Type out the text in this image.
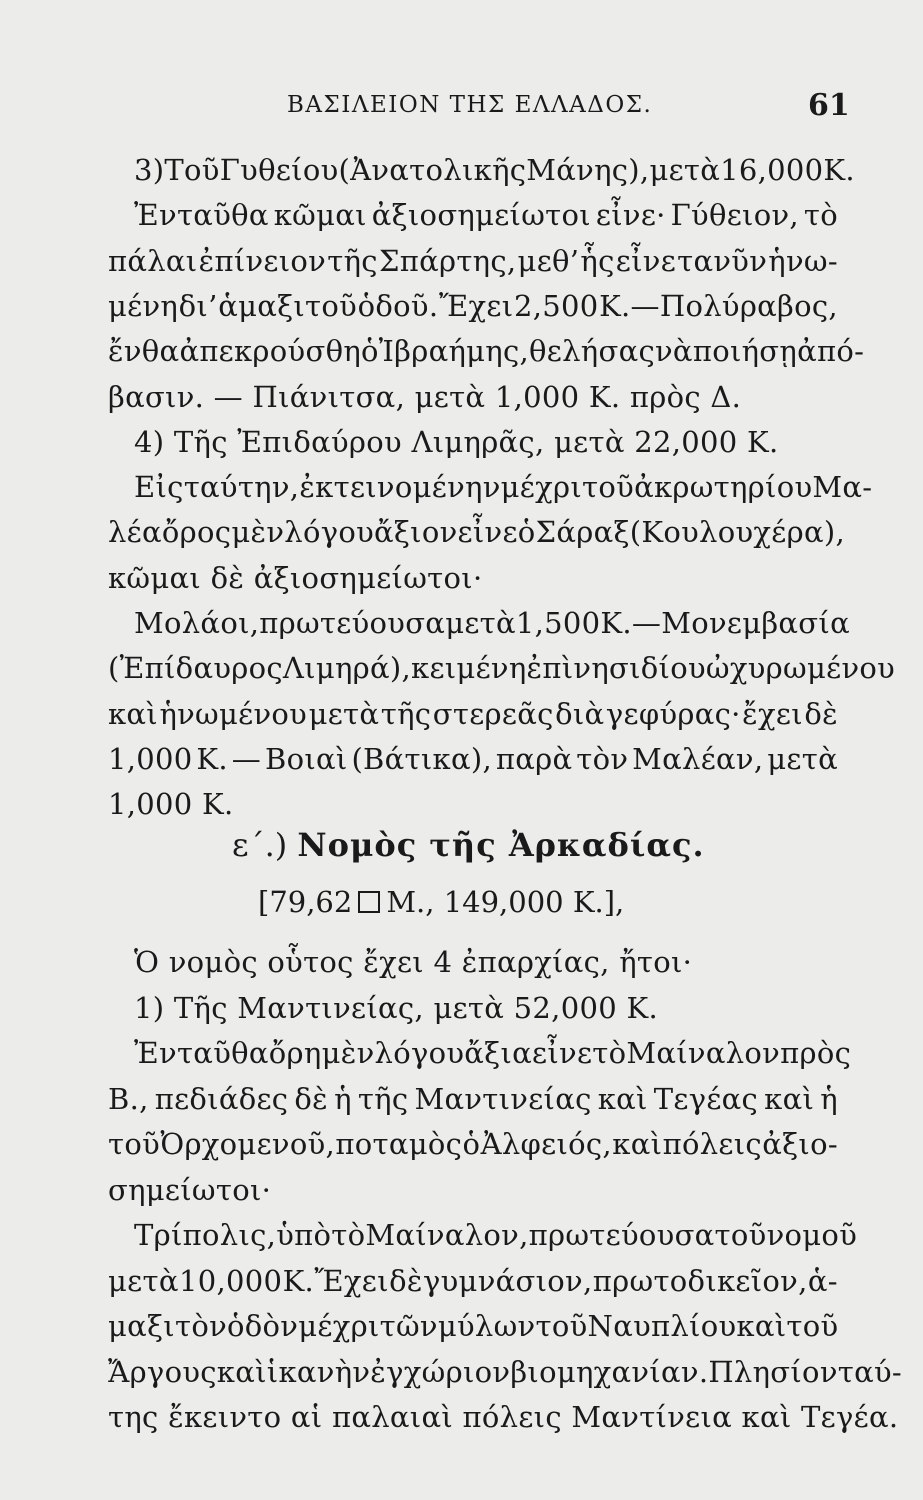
ΒΑΣΙΛΕΙΟΝ ΤΗΣ ΕΛΛΑΔΟΣ.	61
3) Τοῦ Γυθείου (Ἀνατολικῆς Μάνης), μετὰ 16,000 Κ.
Ἐνταῦθα κῶμαι ἀξιοσημείωτοι εἶνε· Γύθειον, τὸ
πάλαι ἐπίνειον τῆς Σπάρτης, μεθ’ ἧς εἶνε τανῦν ἡνω-
μένη δι’ ἁμαξιτοῦ ὁδοῦ. Ἔχει 2,500 Κ.—Πολύραβος,
ἔνθα ἀπεκρούσθη ὁ Ἰβραήμης, θελήσας νὰ ποιήσῃ ἀπό-
βασιν. — Πιάνιτσα, μετὰ 1,000 Κ. πρὸς Δ.
4) Τῆς Ἐπιδαύρου Λιμηρᾶς, μετὰ 22,000 Κ.
Εἰς ταύτην, ἐκτεινομένην μέχρι τοῦ ἀκρωτηρίου Μα-
λέα ὄρος μὲν λόγου ἄξιον εἶνε ὁ Σάραξ (Κουλουχέρα),
κῶμαι δὲ ἀξιοσημείωτοι·
Μολάοι, πρωτεύουσα μετὰ 1,500 Κ.—Μονεμβασία
(Ἐπίδαυρος Λιμηρά), κειμένη ἐπὶ νησιδίου ὠχυρωμένου
καὶ ἡνωμένου μετὰ τῆς στερεᾶς διὰ γεφύρας· ἔχει δὲ
1,000 Κ. — Βοιαὶ (Βάτικα), παρὰ τὸν Μαλέαν, μετὰ
1,000 Κ.
ε΄.) Νομὸς τῆς Ἀρκαδίας.
[79,62 Μ., 149,000 Κ.],
Ὁ νομὸς οὗτος ἔχει 4 ἐπαρχίας, ἤτοι·
1) Τῆς Μαντινείας, μετὰ 52,000 Κ.
Ἐνταῦθα ὄρη μὲν λόγου ἄξια εἶνε τὸ Μαίναλον πρὸς
Β., πεδιάδες δὲ ἡ τῆς Μαντινείας καὶ Τεγέας καὶ ἡ
τοῦ Ὀρχομενοῦ, ποταμὸς ὁ Ἀλφειός, καὶ πόλεις ἀξιο-
σημείωτοι·
Τρίπολις, ὑπὸ τὸ Μαίναλον, πρωτεύουσα τοῦ νομοῦ
μετὰ 10,000 Κ. Ἔχει δὲ γυμνάσιον, πρωτοδικεῖον, ἁ-
μαξιτὸν ὁδὸν μέχρι τῶν μύλων τοῦ Ναυπλίου καὶ τοῦ
Ἄργους καὶ ἱκανὴν ἐγχώριον βιομηχανίαν. Πλησίον ταύ-
της ἔκειντο αἱ παλαιαὶ πόλεις Μαντίνεια καὶ Τεγέα.
